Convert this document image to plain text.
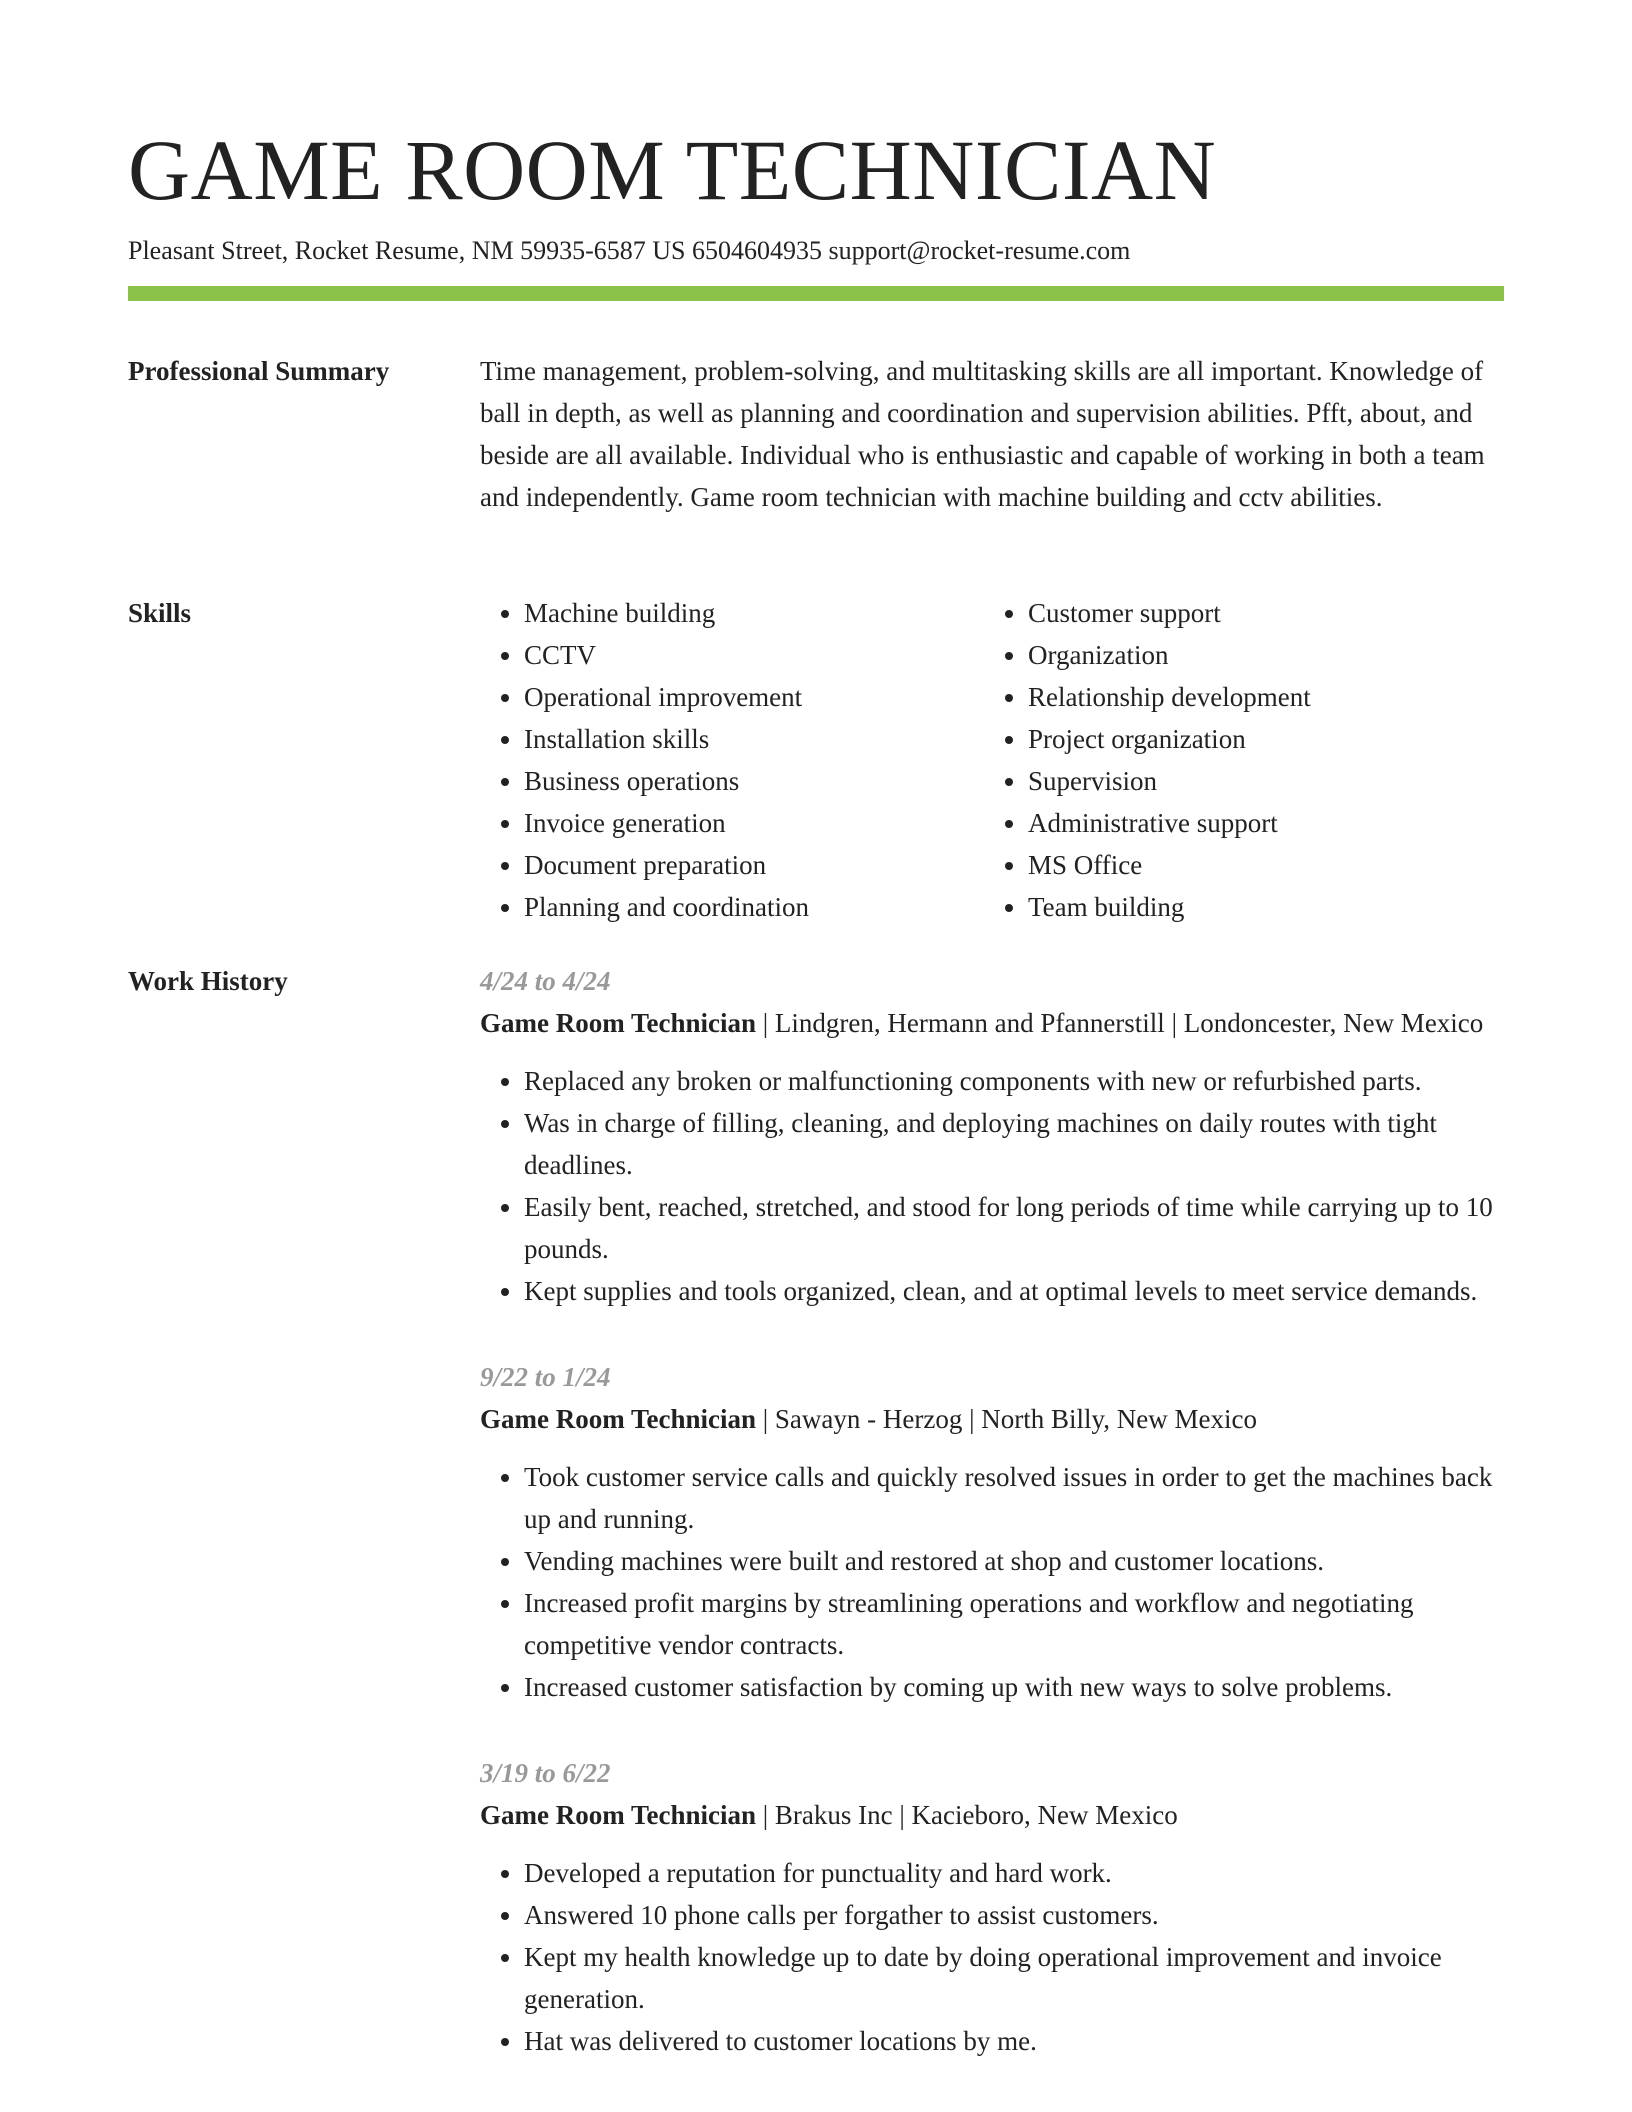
GAME ROOM TECHNICIAN
Pleasant Street, Rocket Resume, NM 59935-6587 US 6504604935 support@rocket-resume.com
Professional Summary	Time management, problem-solving, and multitasking skills are all important. Knowledge of ball in depth, as well as planning and coordination and supervision abilities. Pfft, about, and beside are all available. Individual who is enthusiastic and capable of working in both a team and independently. Game room technician with machine building and cctv abilities.

Skills
•	Machine building
• CCTV
• Operational improvement
• Installation skills
• Business operations
• Invoice generation
• Document preparation
• Planning and coordination
• Customer support
• Organization
• Relationship development
• Project organization
• Supervision
• Administrative support
• MS Office
• Team building
Work History	4/24 to 4/24
Game Room Technician | Lindgren, Hermann and Pfannerstill | Londoncester, New Mexico
• Replaced any broken or malfunctioning components with new or refurbished parts.
• Was in charge of filling, cleaning, and deploying machines on daily routes with tight deadlines.
• Easily bent, reached, stretched, and stood for long periods of time while carrying up to 10 pounds.
• Kept supplies and tools organized, clean, and at optimal levels to meet service demands.
9/22 to 1/24
Game Room Technician | Sawayn - Herzog | North Billy, New Mexico
• Took customer service calls and quickly resolved issues in order to get the machines back up and running.
• Vending machines were built and restored at shop and customer locations.
• Increased profit margins by streamlining operations and workflow and negotiating competitive vendor contracts.
• Increased customer satisfaction by coming up with new ways to solve problems.
3/19 to 6/22
Game Room Technician | Brakus Inc | Kacieboro, New Mexico
• Developed a reputation for punctuality and hard work.
• Answered 10 phone calls per forgather to assist customers.
• Kept my health knowledge up to date by doing operational improvement and invoice generation.
• Hat was delivered to customer locations by me.
